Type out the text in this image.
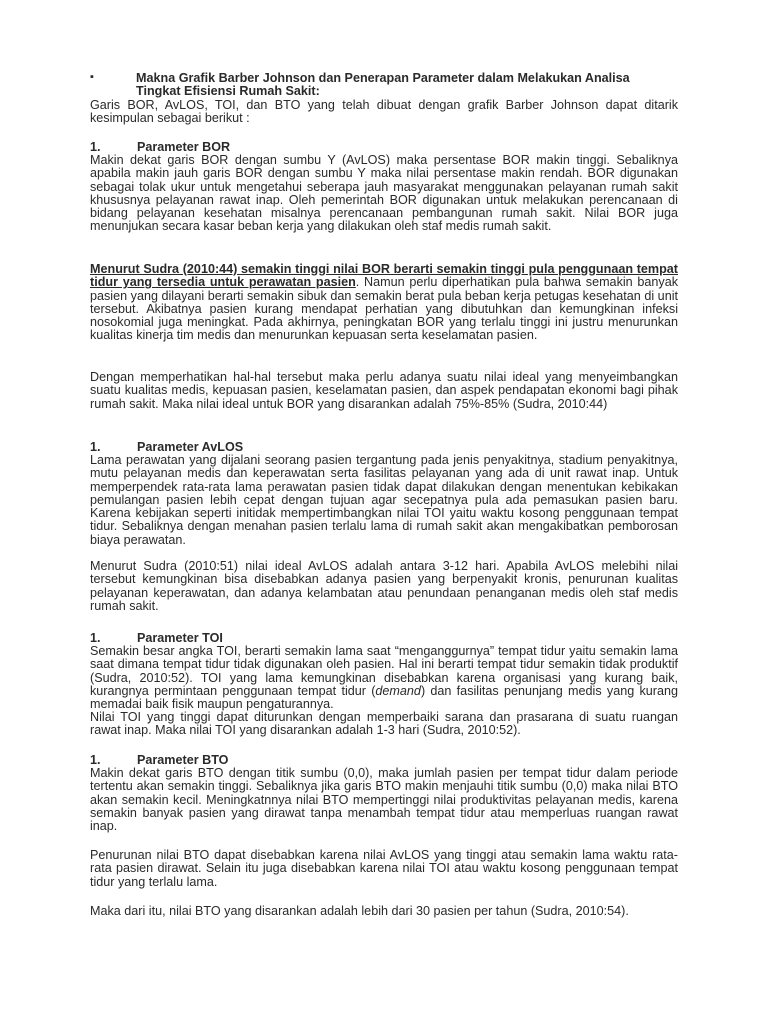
▪	Makna Grafik Barber Johnson dan Penerapan Parameter dalam Melakukan Analisa
Tingkat Efisiensi Rumah Sakit:
Garis BOR, AvLOS, TOI, dan BTO yang telah dibuat dengan grafik Barber Johnson dapat ditarik kesimpulan sebagai berikut :
1.	Parameter BOR
Makin dekat garis BOR dengan sumbu Y (AvLOS) maka persentase BOR makin tinggi. Sebaliknya apabila makin jauh garis BOR dengan sumbu Y maka nilai persentase makin rendah. BOR digunakan sebagai tolak ukur untuk mengetahui seberapa jauh masyarakat menggunakan pelayanan rumah sakit khususnya pelayanan rawat inap. Oleh pemerintah BOR digunakan untuk melakukan perencanaan di bidang pelayanan kesehatan misalnya perencanaan pembangunan rumah sakit. Nilai BOR juga menunjukan secara kasar beban kerja yang dilakukan oleh staf medis rumah sakit.
Menurut Sudra (2010:44) semakin tinggi nilai BOR berarti semakin tinggi pula penggunaan tempat tidur yang tersedia untuk perawatan pasien. Namun perlu diperhatikan pula bahwa semakin banyak pasien yang dilayani berarti semakin sibuk dan semakin berat pula beban kerja petugas kesehatan di unit tersebut. Akibatnya pasien kurang mendapat perhatian yang dibutuhkan dan kemungkinan infeksi nosokomial juga meningkat. Pada akhirnya, peningkatan BOR yang terlalu tinggi ini justru menurunkan kualitas kinerja tim medis dan menurunkan kepuasan serta keselamatan pasien.
Dengan memperhatikan hal-hal tersebut maka perlu adanya suatu nilai ideal yang menyeimbangkan suatu kualitas medis, kepuasan pasien, keselamatan pasien, dan aspek pendapatan ekonomi bagi pihak rumah sakit. Maka nilai ideal untuk BOR yang disarankan adalah 75%-85% (Sudra, 2010:44)
1.	Parameter AvLOS
Lama perawatan yang dijalani seorang pasien tergantung pada jenis penyakitnya, stadium penyakitnya, mutu pelayanan medis dan keperawatan serta fasilitas pelayanan yang ada di unit rawat inap. Untuk memperpendek rata-rata lama perawatan pasien tidak dapat dilakukan dengan menentukan kebikakan pemulangan pasien lebih cepat dengan tujuan agar secepatnya pula ada pemasukan pasien baru. Karena kebijakan seperti initidak mempertimbangkan nilai TOI yaitu waktu kosong penggunaan tempat tidur. Sebaliknya dengan menahan pasien terlalu lama di rumah sakit akan mengakibatkan pemborosan biaya perawatan.
Menurut Sudra (2010:51) nilai ideal AvLOS adalah antara 3-12 hari. Apabila AvLOS melebihi nilai tersebut kemungkinan bisa disebabkan adanya pasien yang berpenyakit kronis, penurunan kualitas pelayanan keperawatan, dan adanya kelambatan atau penundaan penanganan medis oleh staf medis rumah sakit.
1.	Parameter TOI
Semakin besar angka TOI, berarti semakin lama saat “menganggurnya” tempat tidur yaitu semakin lama saat dimana tempat tidur tidak digunakan oleh pasien. Hal ini berarti tempat tidur semakin tidak produktif (Sudra, 2010:52). TOI yang lama kemungkinan disebabkan karena organisasi yang kurang baik, kurangnya permintaan penggunaan tempat tidur (demand) dan fasilitas penunjang medis yang kurang memadai baik fisik maupun pengaturannya.
Nilai TOI yang tinggi dapat diturunkan dengan memperbaiki sarana dan prasarana di suatu ruangan rawat inap. Maka nilai TOI yang disarankan adalah 1-3 hari (Sudra, 2010:52).
1.	Parameter BTO
Makin dekat garis BTO dengan titik sumbu (0,0), maka jumlah pasien per tempat tidur dalam periode tertentu akan semakin tinggi. Sebaliknya jika garis BTO makin menjauhi titik sumbu (0,0) maka nilai BTO akan semakin kecil. Meningkatnnya nilai BTO mempertinggi nilai produktivitas pelayanan medis, karena semakin banyak pasien yang dirawat tanpa menambah tempat tidur atau memperluas ruangan rawat inap.
Penurunan nilai BTO dapat disebabkan karena nilai AvLOS yang tinggi atau semakin lama waktu rata-rata pasien dirawat. Selain itu juga disebabkan karena nilai TOI atau waktu kosong penggunaan tempat tidur yang terlalu lama.
Maka dari itu, nilai BTO yang disarankan adalah lebih dari 30 pasien per tahun (Sudra, 2010:54).
